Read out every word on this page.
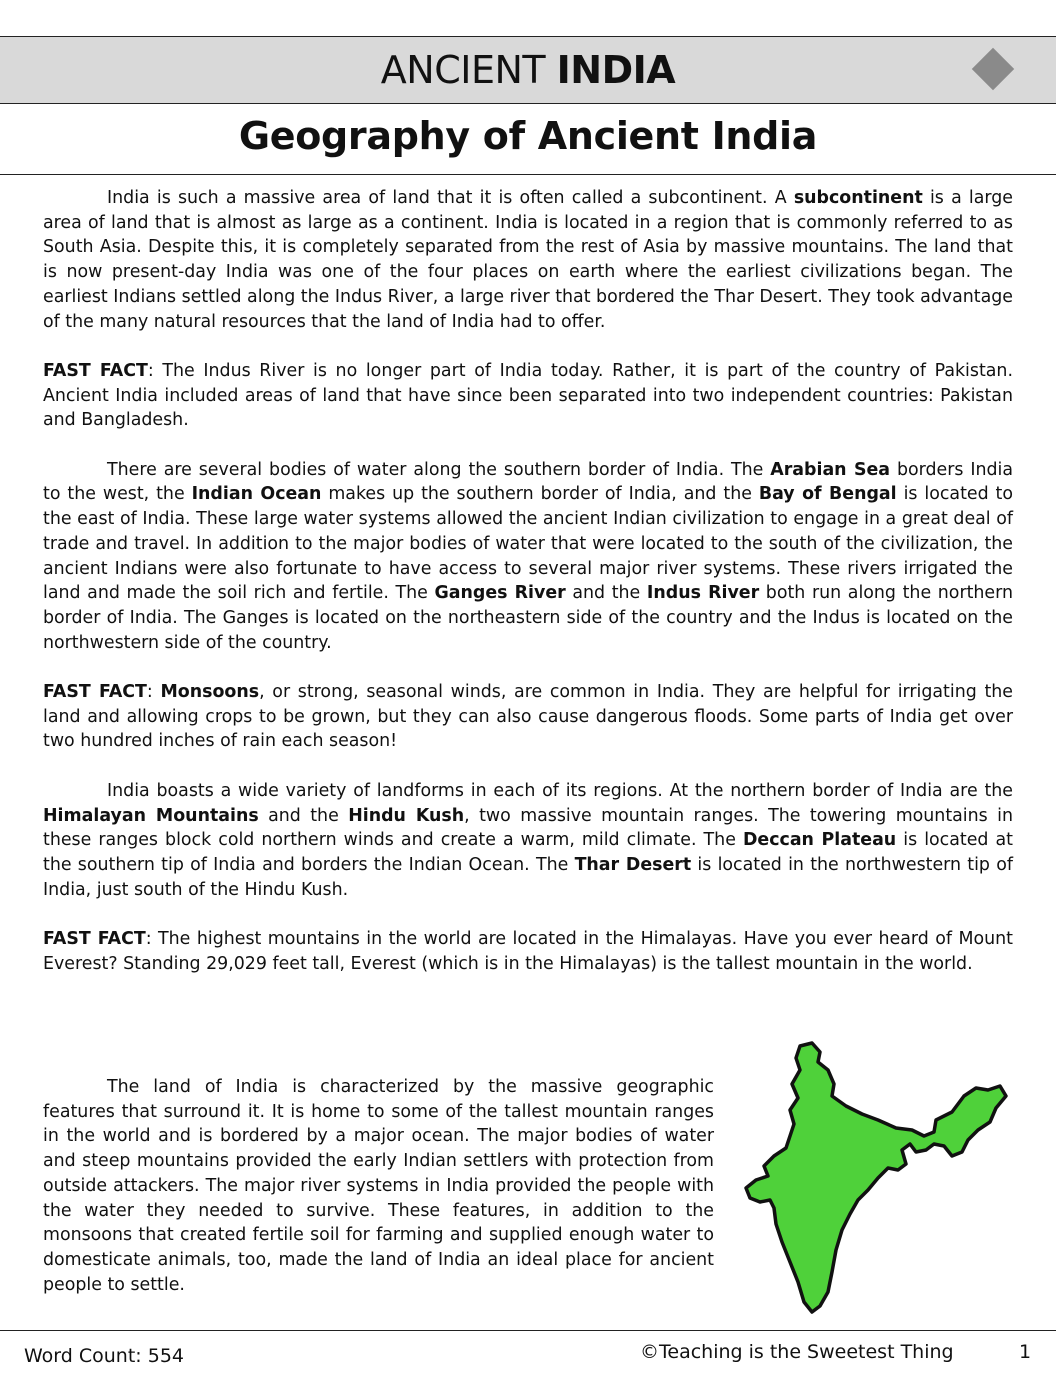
ANCIENT INDIA
Geography of Ancient India

India is such a massive area of land that it is often called a subcontinent. A subcontinent is a large area of land that is almost as large as a continent. India is located in a region that is commonly referred to as South Asia. Despite this, it is completely separated from the rest of Asia by massive mountains. The land that is now present-day India was one of the four places on earth where the earliest civilizations began. The earliest Indians settled along the Indus River, a large river that bordered the Thar Desert. They took advantage of the many natural resources that the land of India had to offer.

FAST FACT: The Indus River is no longer part of India today. Rather, it is part of the country of Pakistan. Ancient India included areas of land that have since been separated into two independent countries: Pakistan and Bangladesh.

There are several bodies of water along the southern border of India. The Arabian Sea borders India to the west, the Indian Ocean makes up the southern border of India, and the Bay of Bengal is located to the east of India. These large water systems allowed the ancient Indian civilization to engage in a great deal of trade and travel. In addition to the major bodies of water that were located to the south of the civilization, the ancient Indians were also fortunate to have access to several major river systems. These rivers irrigated the land and made the soil rich and fertile. The Ganges River and the Indus River both run along the northern border of India. The Ganges is located on the northeastern side of the country and the Indus is located on the northwestern side of the country.

FAST FACT: Monsoons, or strong, seasonal winds, are common in India. They are helpful for irrigating the land and allowing crops to be grown, but they can also cause dangerous floods. Some parts of India get over two hundred inches of rain each season!

India boasts a wide variety of landforms in each of its regions. At the northern border of India are the Himalayan Mountains and the Hindu Kush, two massive mountain ranges. The towering mountains in these ranges block cold northern winds and create a warm, mild climate. The Deccan Plateau is located at the southern tip of India and borders the Indian Ocean. The Thar Desert is located in the northwestern tip of India, just south of the Hindu Kush.

FAST FACT: The highest mountains in the world are located in the Himalayas. Have you ever heard of Mount Everest? Standing 29,029 feet tall, Everest (which is in the Himalayas) is the tallest mountain in the world.

The land of India is characterized by the massive geographic features that surround it. It is home to some of the tallest mountain ranges in the world and is bordered by a major ocean. The major bodies of water and steep mountains provided the early Indian settlers with protection from outside attackers. The major river systems in India provided the people with the water they needed to survive. These features, in addition to the monsoons that created fertile soil for farming and supplied enough water to domesticate animals, too, made the land of India an ideal place for ancient people to settle.

Word Count: 554	©Teaching is the Sweetest Thing	1
